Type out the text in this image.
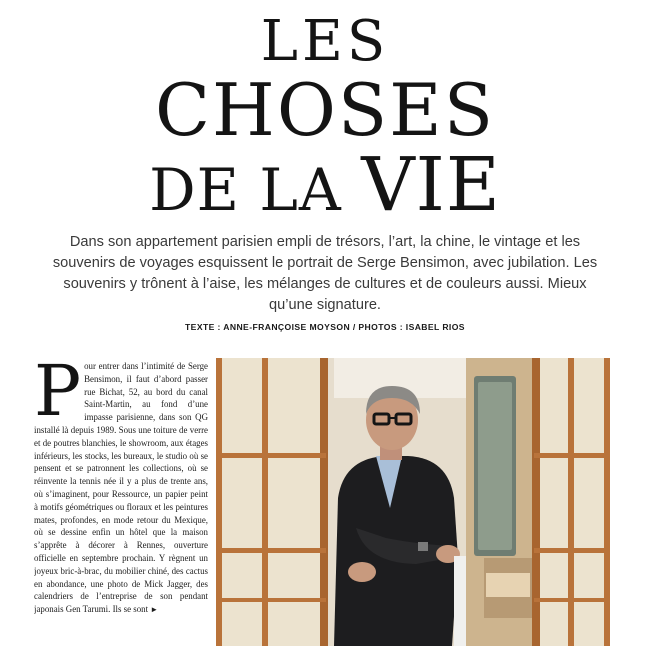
LES
CHOSES
DE LA VIE
Dans son appartement parisien empli de trésors, l’art, la chine, le vintage et les souvenirs de voyages esquissent le portrait de Serge Bensimon, avec jubilation. Les souvenirs y trônent à l’aise, les mélanges de cultures et de couleurs aussi. Mieux qu’une signature.
TEXTE : ANNE-FRANÇOISE MOYSON / PHOTOS : ISABEL RIOS
Pour entrer dans l’intimité de Serge Bensimon, il faut d’abord passer rue Bichat, 52, au bord du canal Saint-Martin, au fond d’une impasse parisienne, dans son QG installé là depuis 1989. Sous une toiture de verre et de poutres blanchies, le showroom, aux étages inférieurs, les stocks, les bureaux, le studio où se pensent et se patronnent les collections, où se réinvente la tennis née il y a plus de trente ans, où s’imaginent, pour Ressource, un papier peint à motifs géométriques ou floraux et les peintures mates, profondes, en mode retour du Mexique, où se dessine enfin un hôtel que la maison s’apprête à décorer à Rennes, ouverture officielle en septembre prochain. Y règnent un joyeux bric-à-brac, du mobilier chiné, des cactus en abondance, une photo de Mick Jagger, des calendriers de l’entreprise de son pendant japonais Gen Tarumi. Ils se sont ►
